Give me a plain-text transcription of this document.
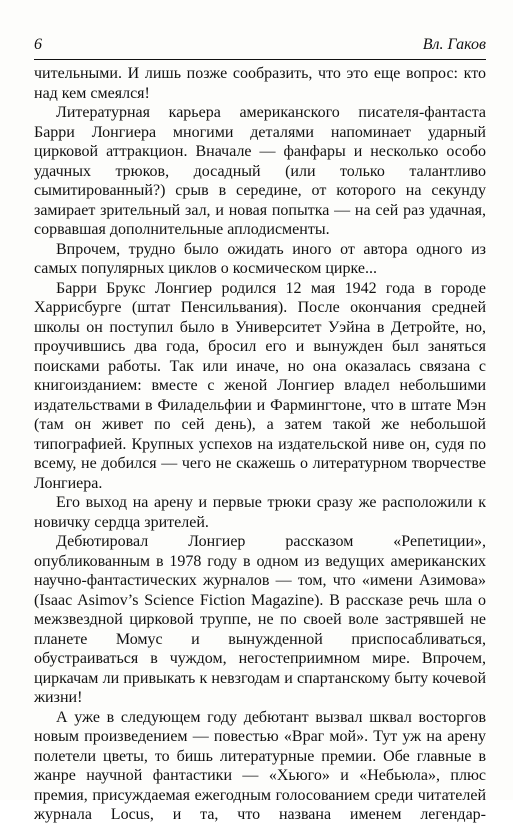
6	Вл. Гаков

чительными. И лишь позже сообразить, что это еще вопрос: кто над кем смеялся!

Литературная карьера американского писателя-фантаста Барри Лонгиера многими деталями напоминает ударный цирковой аттракцион. Вначале — фанфары и несколько особо удачных трюков, досадный (или только талантливо сымитированный?) срыв в середине, от которого на секунду замирает зрительный зал, и новая попытка — на сей раз удачная, сорвавшая дополнительные аплодисменты.

Впрочем, трудно было ожидать иного от автора одного из самых популярных циклов о космическом цирке...

Барри Брукс Лонгиер родился 12 мая 1942 года в городе Харрисбурге (штат Пенсильвания). После окончания средней школы он поступил было в Университет Уэйна в Детройте, но, проучившись два года, бросил его и вынужден был заняться поисками работы. Так или иначе, но она оказалась связана с книгоизданием: вместе с женой Лонгиер владел небольшими издательствами в Филадельфии и Фармингтоне, что в штате Мэн (там он живет по сей день), а затем такой же небольшой типографией. Крупных успехов на издательской ниве он, судя по всему, не добился — чего не скажешь о литературном творчестве Лонгиера.

Его выход на арену и первые трюки сразу же расположили к новичку сердца зрителей.

Дебютировал Лонгиер рассказом «Репетиции», опубликованным в 1978 году в одном из ведущих американских научно-фантастических журналов — том, что «имени Азимова» (Isaac Asimov’s Science Fiction Magazine). В рассказе речь шла о межзвездной цирковой труппе, не по своей воле застрявшей не планете Момус и вынужденной приспосабливаться, обустраиваться в чуждом, негостеприимном мире. Впрочем, циркачам ли привыкать к невзгодам и спартанскому быту кочевой жизни!

А уже в следующем году дебютант вызвал шквал восторгов новым произведением — повестью «Враг мой». Тут уж на арену полетели цветы, то бишь литературные премии. Обе главные в жанре научной фантастики — «Хьюго» и «Небьюла», плюс премия, присуждаемая ежегодным голосованием среди читателей журнала Locus, и та, что названа именем легендар-
